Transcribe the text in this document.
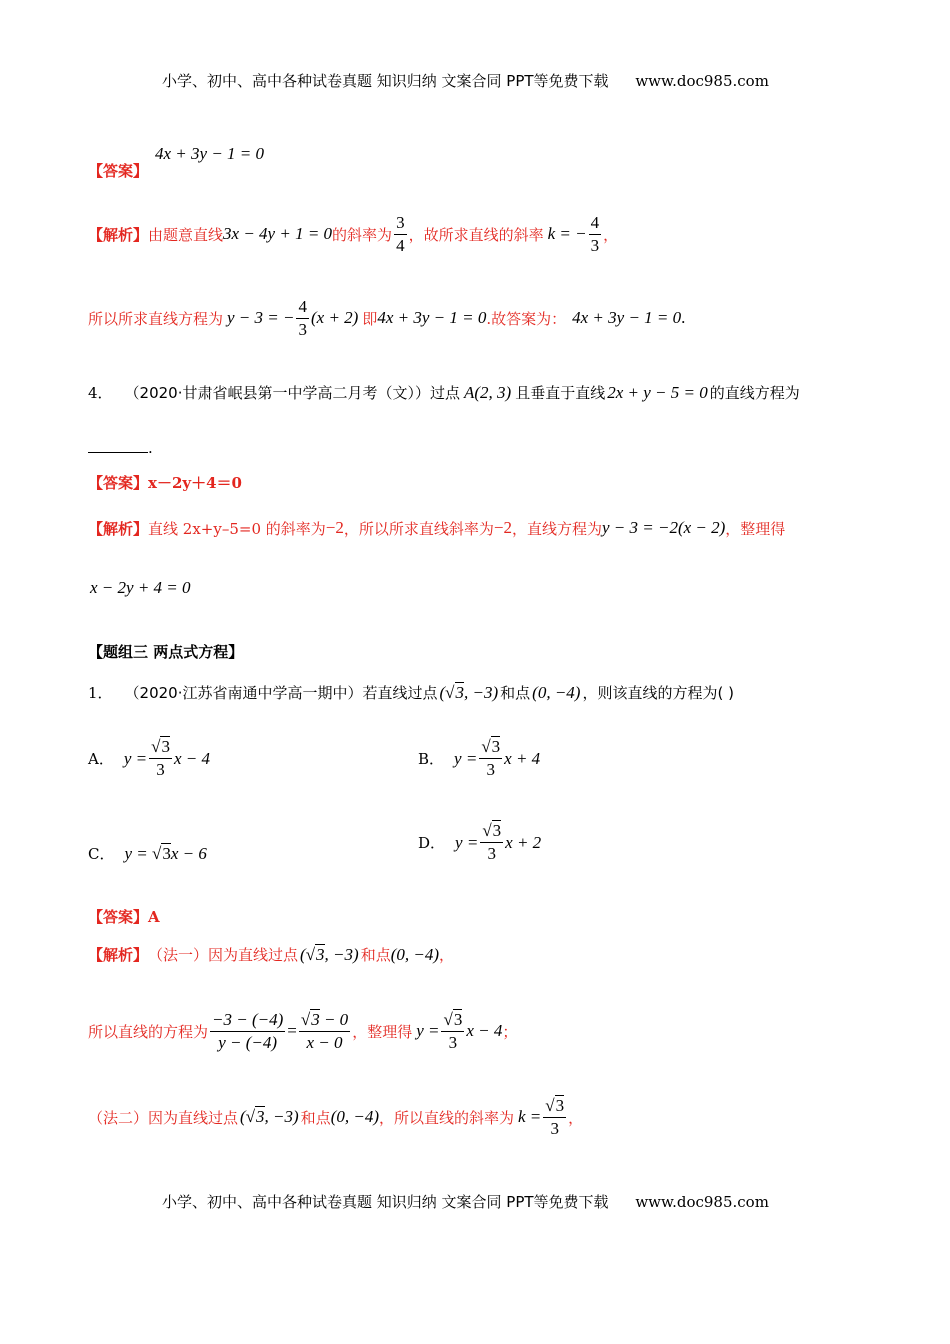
小学、初中、高中各种试卷真题 知识归纳 文案合同 PPT等免费下载 www.doc985.com
【答案】
4x + 3y − 1 = 0
【解析】 由题意直线 3x − 4y + 1 = 0 的斜率为 $\frac{3}{4}$ ，故所求直线的斜率 k = − $\frac{4}{3}$ ，
所以所求直线方程为 y − 3 = − $\frac{4}{3} (x + 2)$ 即 4x + 3y − 1 = 0 .故答案为： 4x + 3y − 1 = 0 .
4． （2020·甘肃省岷县第一中学高二月考（文））过点 A(2, 3) 且垂直于直线 2x + y − 5 = 0 的直线方程为
.
【答案】x－2y＋4＝0
【解析】 直线 2x+y–5=0 的斜率为 −2 ，所以所求直线斜率为 −2 ，直线方程为 y − 3 = −2(x − 2) ，整理得
x − 2y + 4 = 0
【题组三 两点式方程】
1． （2020·江苏省南通中学高一期中）若直线过点 (√3, −3) 和点 (0, −4) ，则该直线的方程为( )
A． $y = \frac{√3}{3}$ x − 4	B． $y = \frac{√3}{3}$ x + 4
C． y = √3 x − 6
D． $y = \frac{√3}{3}$ x + 2
【答案】A
【解析】 （法一）因为直线过点 (√3, −3) 和点 (0, −4) ，
所以直线的方程为 $\frac{-3 - (-4)}{y - (-4)} = \frac{√3 - 0}{x - 0}$ ，整理得 $y = \frac{√3}{3}$ x − 4 ；
（法二）因为直线过点 (√3, −3) 和点 (0, −4) ，所以直线的斜率为 $k = \frac{√3}{3}$ ，
小学、初中、高中各种试卷真题 知识归纳 文案合同 PPT等免费下载 www.doc985.com
